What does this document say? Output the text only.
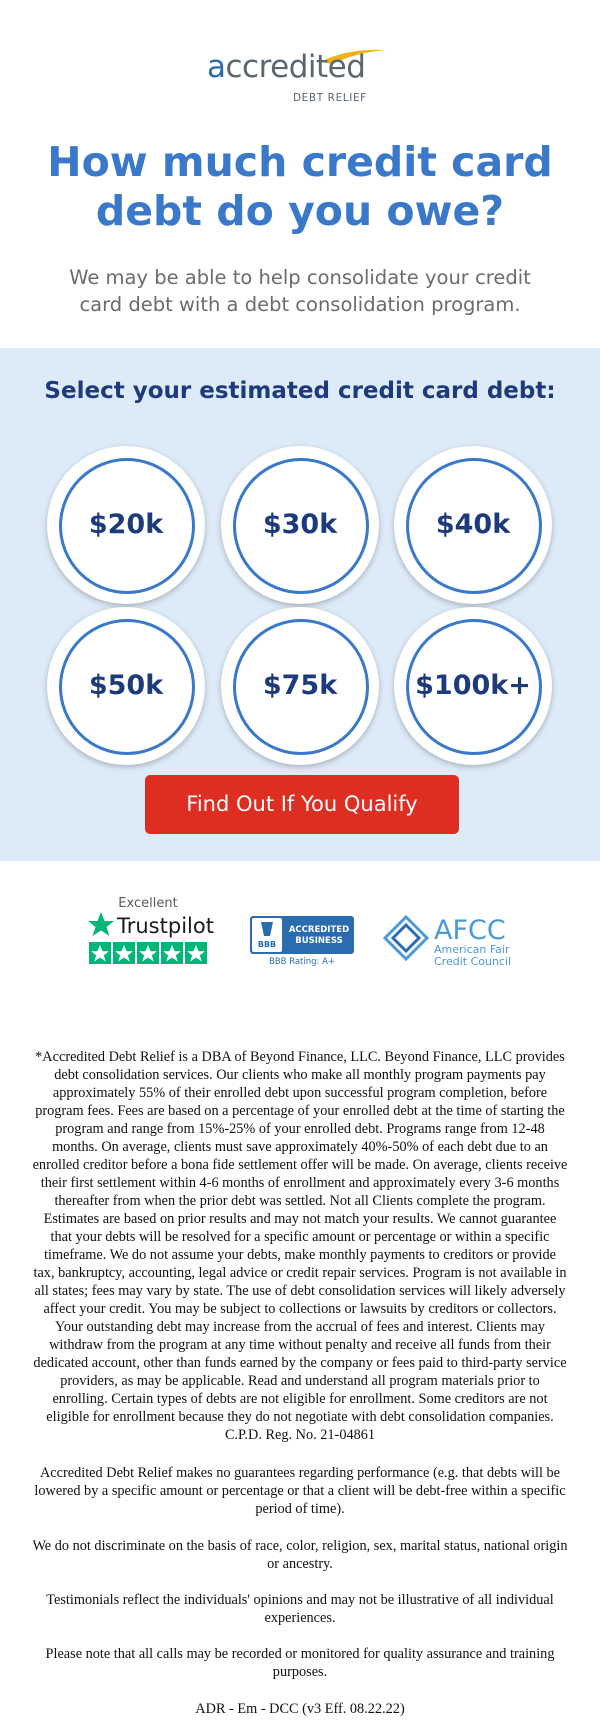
accredited
DEBT RELIEF
How much credit card
debt do you owe?
We may be able to help consolidate your credit
card debt with a debt consolidation program.
Select your estimated credit card debt:
$20k	$30k	$40k
$50k	$75k	$100k+
Find Out If You Qualify
Excellent
Trustpilot
BBB
ACCREDITED
BUSINESS
BBB Rating: A+
AFCC
American Fair
Credit Council
*Accredited Debt Relief is a DBA of Beyond Finance, LLC. Beyond Finance, LLC provides
debt consolidation services. Our clients who make all monthly program payments pay
approximately 55% of their enrolled debt upon successful program completion, before
program fees. Fees are based on a percentage of your enrolled debt at the time of starting the
program and range from 15%-25% of your enrolled debt. Programs range from 12-48
months. On average, clients must save approximately 40%-50% of each debt due to an
enrolled creditor before a bona fide settlement offer will be made. On average, clients receive
their first settlement within 4-6 months of enrollment and approximately every 3-6 months
thereafter from when the prior debt was settled. Not all Clients complete the program.
Estimates are based on prior results and may not match your results. We cannot guarantee
that your debts will be resolved for a specific amount or percentage or within a specific
timeframe. We do not assume your debts, make monthly payments to creditors or provide
tax, bankruptcy, accounting, legal advice or credit repair services. Program is not available in
all states; fees may vary by state. The use of debt consolidation services will likely adversely
affect your credit. You may be subject to collections or lawsuits by creditors or collectors.
Your outstanding debt may increase from the accrual of fees and interest. Clients may
withdraw from the program at any time without penalty and receive all funds from their
dedicated account, other than funds earned by the company or fees paid to third-party service
providers, as may be applicable. Read and understand all program materials prior to
enrolling. Certain types of debts are not eligible for enrollment. Some creditors are not
eligible for enrollment because they do not negotiate with debt consolidation companies.
C.P.D. Reg. No. 21-04861
Accredited Debt Relief makes no guarantees regarding performance (e.g. that debts will be
lowered by a specific amount or percentage or that a client will be debt-free within a specific
period of time).
We do not discriminate on the basis of race, color, religion, sex, marital status, national origin
or ancestry.
Testimonials reflect the individuals' opinions and may not be illustrative of all individual
experiences.
Please note that all calls may be recorded or monitored for quality assurance and training
purposes.
ADR - Em - DCC (v3 Eff. 08.22.22)
